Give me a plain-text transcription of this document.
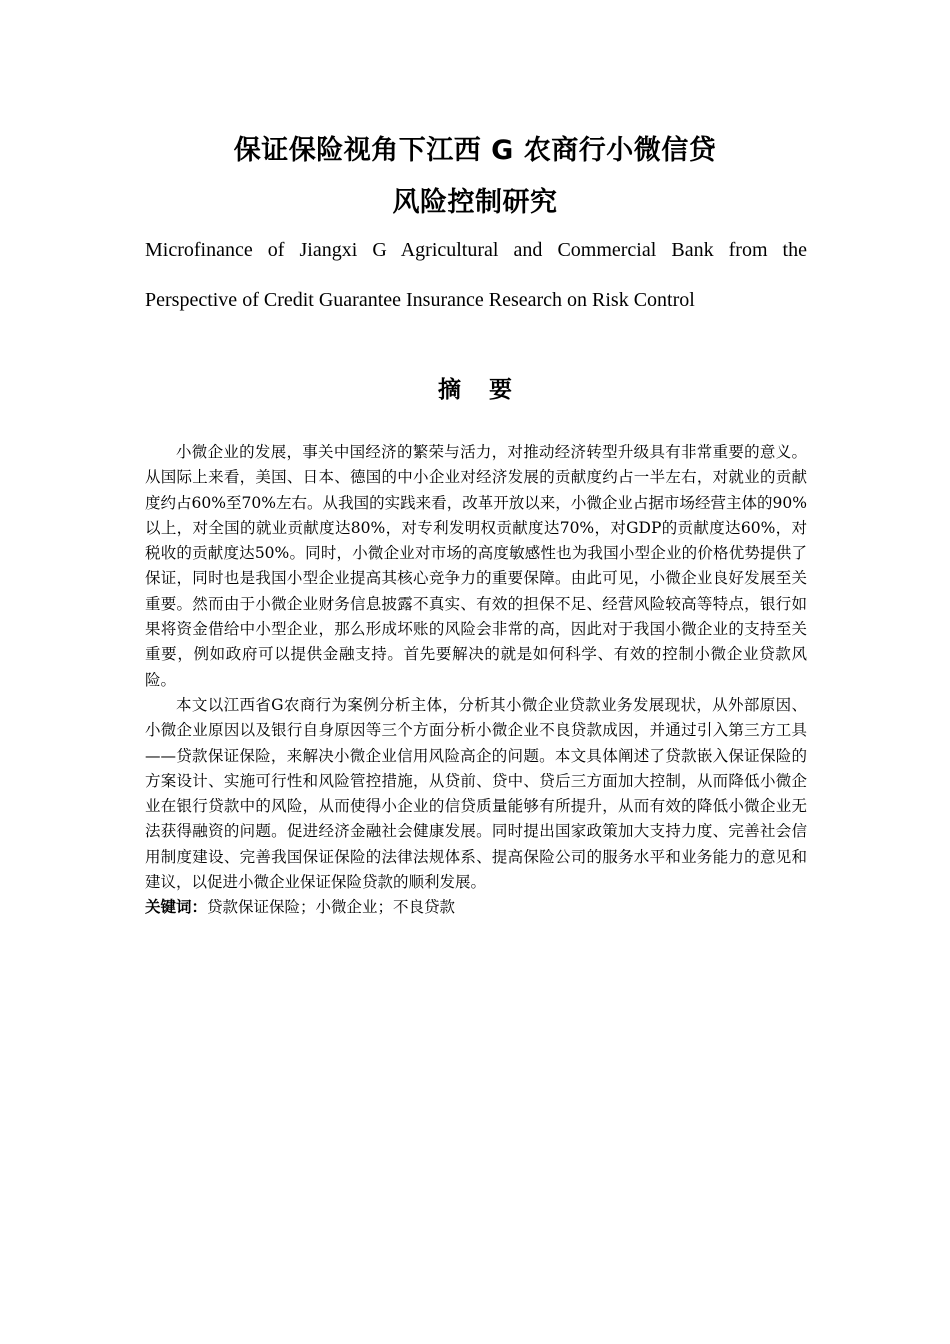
保证保险视角下江西 G 农商行小微信贷
风险控制研究
Microfinance of Jiangxi G Agricultural and Commercial Bank from the
Perspective of Credit Guarantee Insurance Research on Risk Control
摘 要

小微企业的发展，事关中国经济的繁荣与活力，对推动经济转型升级具有非常重要的意义。从国际上来看，美国、日本、德国的中小企业对经济发展的贡献度约占一半左右，对就业的贡献度约占60%至70%左右。从我国的实践来看，改革开放以来，小微企业占据市场经营主体的90%以上，对全国的就业贡献度达80%，对专利发明权贡献度达70%，对GDP的贡献度达60%，对税收的贡献度达50%。同时，小微企业对市场的高度敏感性也为我国小型企业的价格优势提供了保证，同时也是我国小型企业提高其核心竞争力的重要保障。由此可见，小微企业良好发展至关重要。然而由于小微企业财务信息披露不真实、有效的担保不足、经营风险较高等特点，银行如果将资金借给中小型企业，那么形成坏账的风险会非常的高，因此对于我国小微企业的支持至关重要，例如政府可以提供金融支持。首先要解决的就是如何科学、有效的控制小微企业贷款风险。

本文以江西省G农商行为案例分析主体，分析其小微企业贷款业务发展现状，从外部原因、小微企业原因以及银行自身原因等三个方面分析小微企业不良贷款成因，并通过引入第三方工具——贷款保证保险，来解决小微企业信用风险高企的问题。本文具体阐述了贷款嵌入保证保险的方案设计、实施可行性和风险管控措施，从贷前、贷中、贷后三方面加大控制，从而降低小微企业在银行贷款中的风险，从而使得小企业的信贷质量能够有所提升，从而有效的降低小微企业无法获得融资的问题。促进经济金融社会健康发展。同时提出国家政策加大支持力度、完善社会信用制度建设、完善我国保证保险的法律法规体系、提高保险公司的服务水平和业务能力的意见和建议，以促进小微企业保证保险贷款的顺利发展。

关键词：贷款保证保险；小微企业；不良贷款
